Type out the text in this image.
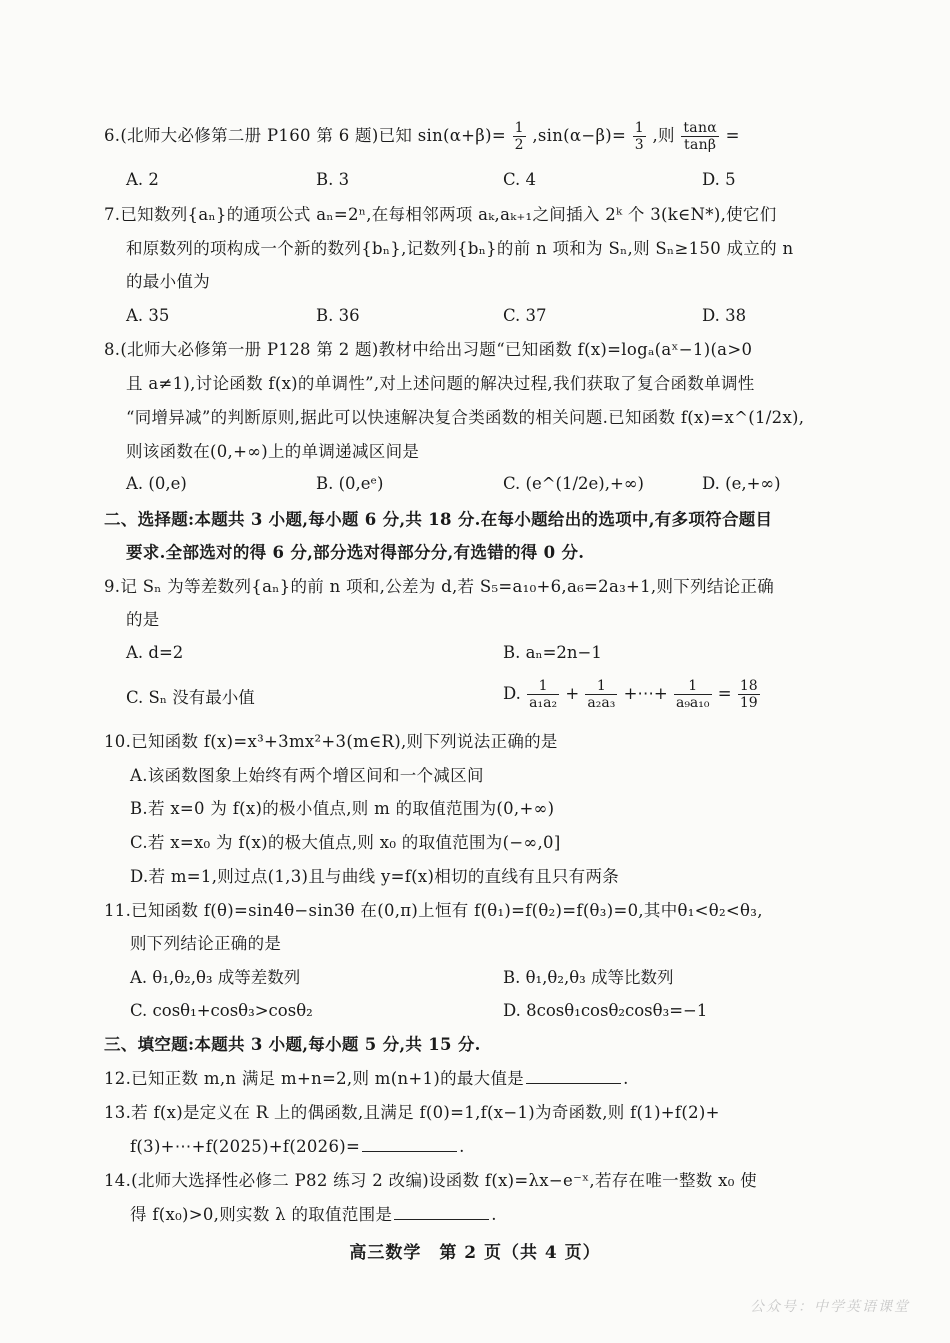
6.(北师大必修第二册 P160 第 6 题)已知 $\sin(\alpha+\beta)= \frac{1}{2} ,\sin(\alpha-\beta)= \frac{1}{3}$ ,则 $\frac{\tan\alpha}{\tan\beta}$ =
A. 2	B. 3	C. 4	D. 5
7.已知数列{aₙ}的通项公式 aₙ=2ⁿ,在每相邻两项 aₖ,aₖ₊₁之间插入 2ᵏ 个 3(k∈N*),使它们
和原数列的项构成一个新的数列{bₙ},记数列{bₙ}的前 n 项和为 Sₙ,则 Sₙ≥150 成立的 n
的最小值为
A. 35	B. 36	C. 37	D. 38
8.(北师大必修第一册 P128 第 2 题)教材中给出习题“已知函数 f(x)=logₐ(aˣ−1)(a>0
且 a≠1),讨论函数 f(x)的单调性”,对上述问题的解决过程,我们获取了复合函数单调性
“同增异减”的判断原则,据此可以快速解决复合类函数的相关问题.已知函数 f(x)=x^(1/2x),
则该函数在(0,+∞)上的单调递减区间是
A. (0,e)	B. (0,eᵉ)	C. (e^(1/2e),+∞)	D. (e,+∞)
二、选择题:本题共 3 小题,每小题 6 分,共 18 分.在每小题给出的选项中,有多项符合题目
要求.全部选对的得 6 分,部分选对得部分分,有选错的得 0 分.
9.记 Sₙ 为等差数列{aₙ}的前 n 项和,公差为 d,若 S₅=a₁₀+6,a₆=2a₃+1,则下列结论正确
的是
A. d=2	B. aₙ=2n−1
C. Sₙ 没有最小值	D. $\frac{1}{\text{a₁a₂}} + \frac{1}{\text{a₂a₃}}$ +⋯+ $\frac{1}{\text{a₉a₁₀}} = \frac{18}{19}$
10.已知函数 f(x)=x³+3mx²+3(m∈R),则下列说法正确的是
A.该函数图象上始终有两个增区间和一个减区间
B.若 x=0 为 f(x)的极小值点,则 m 的取值范围为(0,+∞)
C.若 x=x₀ 为 f(x)的极大值点,则 x₀ 的取值范围为(−∞,0]
D.若 m=1,则过点(1,3)且与曲线 y=f(x)相切的直线有且只有两条
11.已知函数 f(θ)=sin4θ−sin3θ 在(0,π)上恒有 f(θ₁)=f(θ₂)=f(θ₃)=0,其中θ₁<θ₂<θ₃,
则下列结论正确的是
A. θ₁,θ₂,θ₃ 成等差数列	B. θ₁,θ₂,θ₃ 成等比数列
C. cosθ₁+cosθ₃>cosθ₂	D. 8cosθ₁cosθ₂cosθ₃=−1
三、填空题:本题共 3 小题,每小题 5 分,共 15 分.
12.已知正数 m,n 满足 m+n=2,则 m(n+1)的最大值是	.
13.若 f(x)是定义在 R 上的偶函数,且满足 f(0)=1,f(x−1)为奇函数,则 f(1)+f(2)+
f(3)+⋯+f(2025)+f(2026)=	.
14.(北师大选择性必修二 P82 练习 2 改编)设函数 f(x)=λx−e⁻ˣ,若存在唯一整数 x₀ 使
得 f(x₀)>0,则实数 λ 的取值范围是	.
高三数学　第 2 页（共 4 页）
公众号：中学英语课堂
